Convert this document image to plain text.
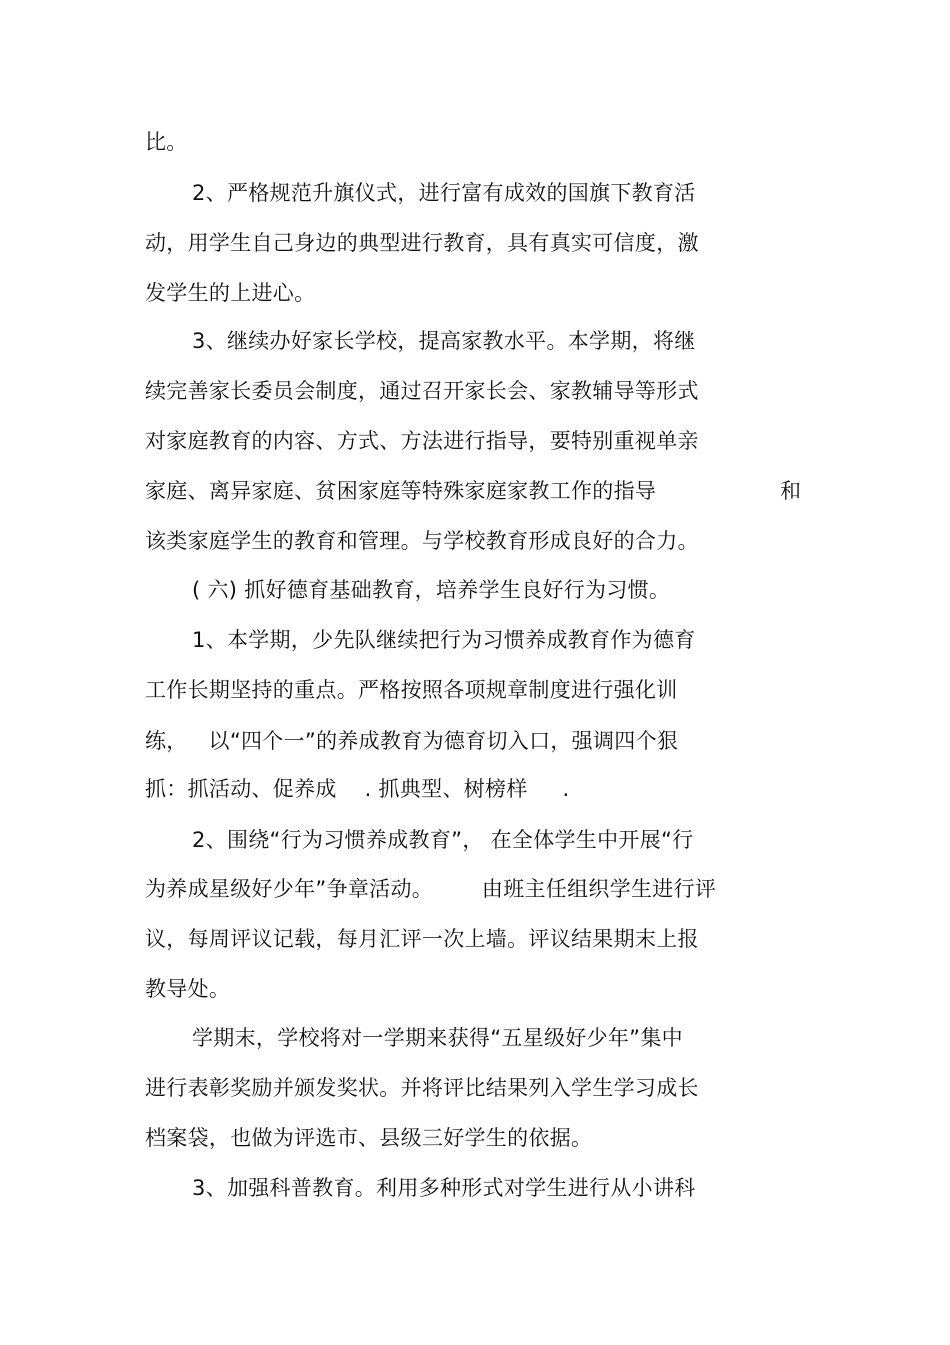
比。
2、严格规范升旗仪式，进行富有成效的国旗下教育活
动，用学生自己身边的典型进行教育，具有真实可信度，激
发学生的上进心。
3、继续办好家长学校，提高家教水平。本学期，将继
续完善家长委员会制度，通过召开家长会、家教辅导等形式
对家庭教育的内容、方式、方法进行指导，要特别重视单亲
家庭、离异家庭、贫困家庭等特殊家庭家教工作的指导	和
该类家庭学生的教育和管理。与学校教育形成良好的合力。
( 六) 抓好德育基础教育，培养学生良好行为习惯。
1、本学期，少先队继续把行为习惯养成教育作为德育
工作长期坚持的重点。严格按照各项规章制度进行强化训
练，   以“四个一”的养成教育为德育切入口，强调四个狠
抓：抓活动、促养成    . 抓典型、树榜样     .
2、围绕“行为习惯养成教育”， 在全体学生中开展“行
为养成星级好少年”争章活动。       由班主任组织学生进行评
议，每周评议记载，每月汇评一次上墙。评议结果期末上报
教导处。
学期末，学校将对一学期来获得“五星级好少年”集中
进行表彰奖励并颁发奖状。并将评比结果列入学生学习成长
档案袋，也做为评选市、县级三好学生的依据。
3、加强科普教育。利用多种形式对学生进行从小讲科
